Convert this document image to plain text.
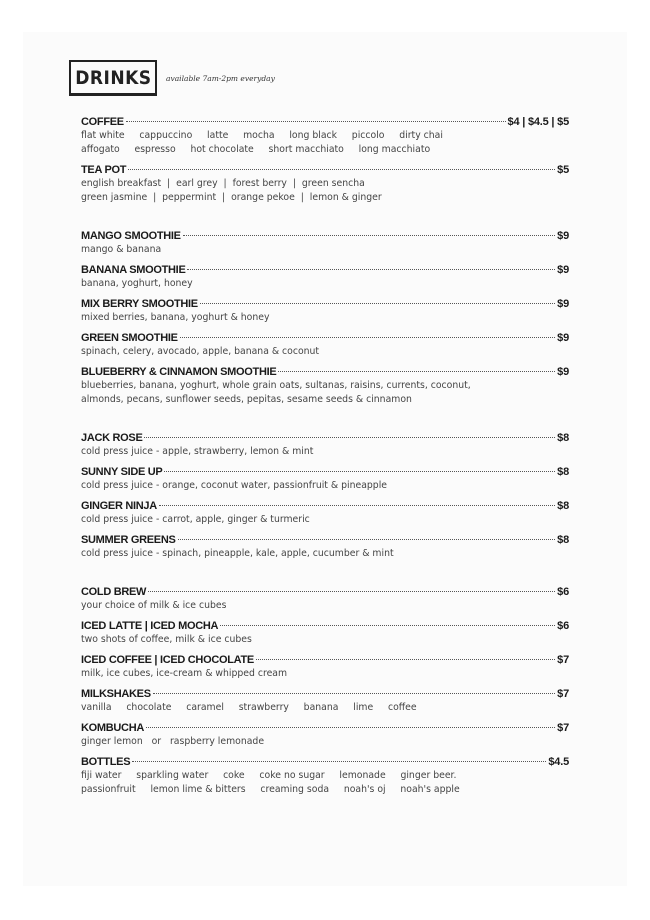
DRINKS available 7am-2pm everyday
COFFEE	$4 | $4.5 | $5
flat white     cappuccino     latte     mocha     long black     piccolo     dirty chai
affogato     espresso     hot chocolate     short macchiato     long macchiato
TEA POT	$5
english breakfast  |  earl grey  |  forest berry  |  green sencha
green jasmine  |  peppermint  |  orange pekoe  |  lemon & ginger
MANGO SMOOTHIE	$9
mango & banana
BANANA SMOOTHIE	$9
banana, yoghurt, honey
MIX BERRY SMOOTHIE	$9
mixed berries, banana, yoghurt & honey
GREEN SMOOTHIE	$9
spinach, celery, avocado, apple, banana & coconut
BLUEBERRY & CINNAMON SMOOTHIE	$9
blueberries, banana, yoghurt, whole grain oats, sultanas, raisins, currents, coconut,
almonds, pecans, sunflower seeds, pepitas, sesame seeds & cinnamon
JACK ROSE	$8
cold press juice - apple, strawberry, lemon & mint
SUNNY SIDE UP	$8
cold press juice - orange, coconut water, passionfruit & pineapple
GINGER NINJA	$8
cold press juice - carrot, apple, ginger & turmeric
SUMMER GREENS	$8
cold press juice - spinach, pineapple, kale, apple, cucumber & mint
COLD BREW	$6
your choice of milk & ice cubes
ICED LATTE | ICED MOCHA	$6
two shots of coffee, milk & ice cubes
ICED COFFEE | ICED CHOCOLATE	$7
milk, ice cubes, ice-cream & whipped cream
MILKSHAKES	$7
vanilla     chocolate     caramel     strawberry     banana     lime     coffee
KOMBUCHA	$7
ginger lemon   or   raspberry lemonade
BOTTLES	$4.5
fiji water     sparkling water     coke     coke no sugar     lemonade     ginger beer.
passionfruit     lemon lime & bitters     creaming soda     noah's oj     noah's apple
